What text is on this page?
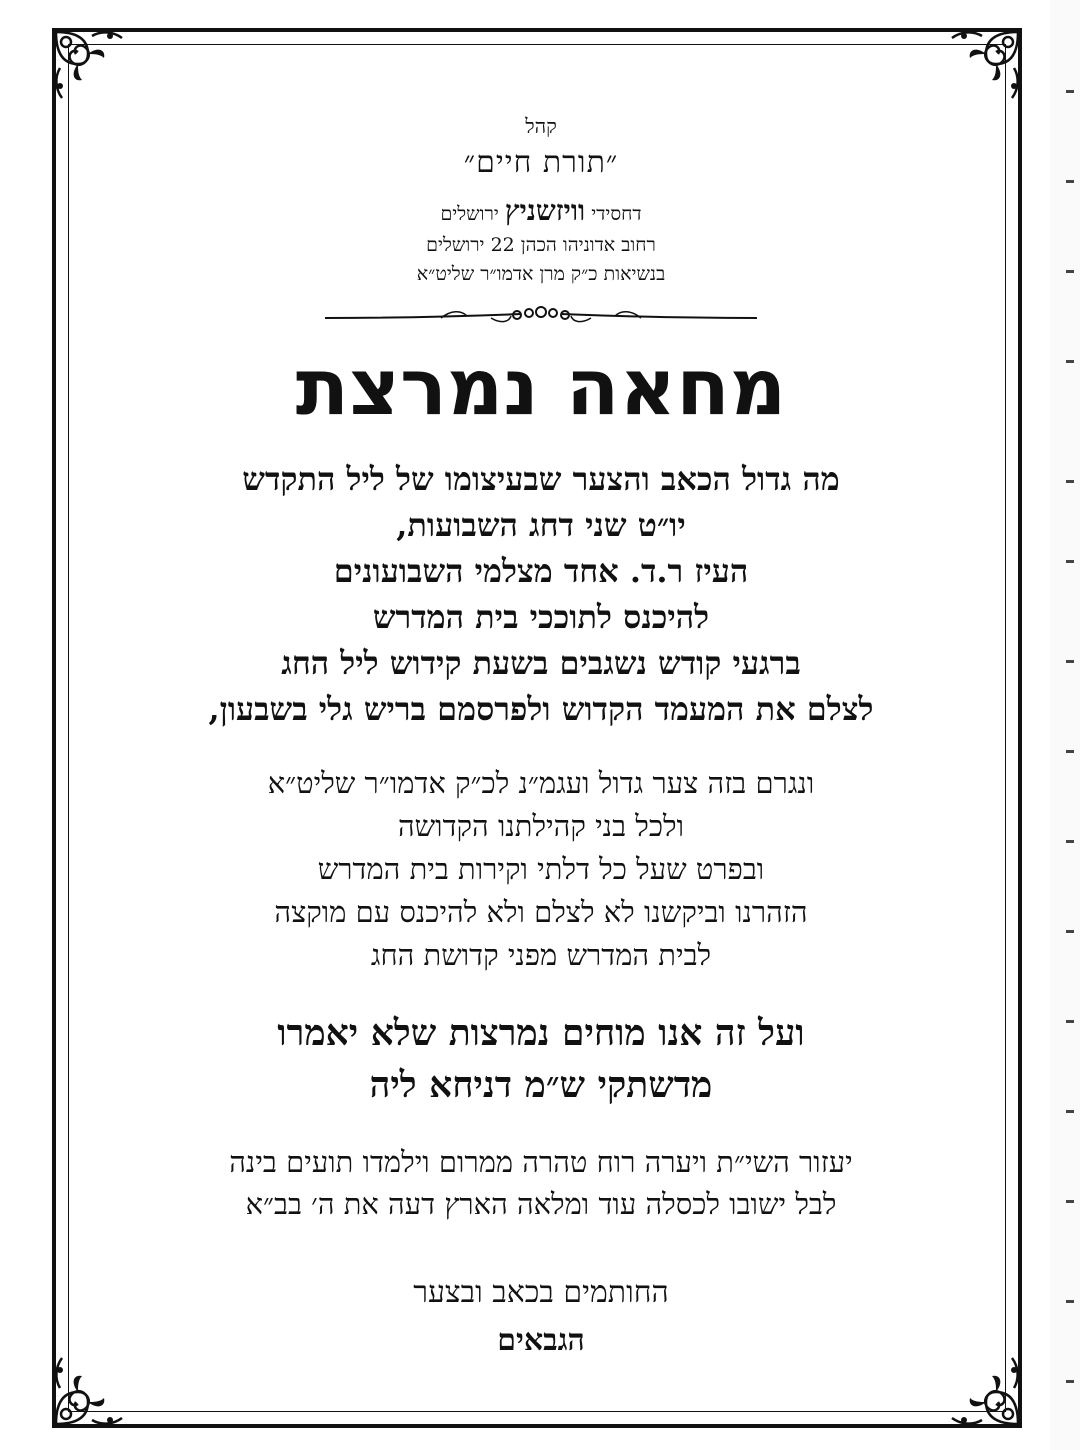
קהל
״תורת חיים״
דחסידי וויזשניץ ירושלים
רחוב אדוניהו הכהן 22 ירושלים
בנשיאות כ״ק מרן אדמו״ר שליט״א
מחאה נמרצת
מה גדול הכאב והצער שבעיצומו של ליל התקדש
יו״ט שני דחג השבועות,
העיז ר.ד. אחד מצלמי השבועונים
להיכנס לתוככי בית המדרש
ברגעי קודש נשגבים בשעת קידוש ליל החג
לצלם את המעמד הקדוש ולפרסמם בריש גלי בשבעון,
ונגרם בזה צער גדול ועגמ״נ לכ״ק אדמו״ר שליט״א
ולכל בני קהילתנו הקדושה
ובפרט שעל כל דלתי וקירות בית המדרש
הזהרנו וביקשנו לא לצלם ולא להיכנס עם מוקצה
לבית המדרש מפני קדושת החג
ועל זה אנו מוחים נמרצות שלא יאמרו
מדשתקי ש״מ דניחא ליה
יעזור השי״ת ויערה רוח טהרה ממרום וילמדו תועים בינה
לבל ישובו לכסלה עוד ומלאה הארץ דעה את ה׳ בב״א
החותמים בכאב ובצער
הגבאים
